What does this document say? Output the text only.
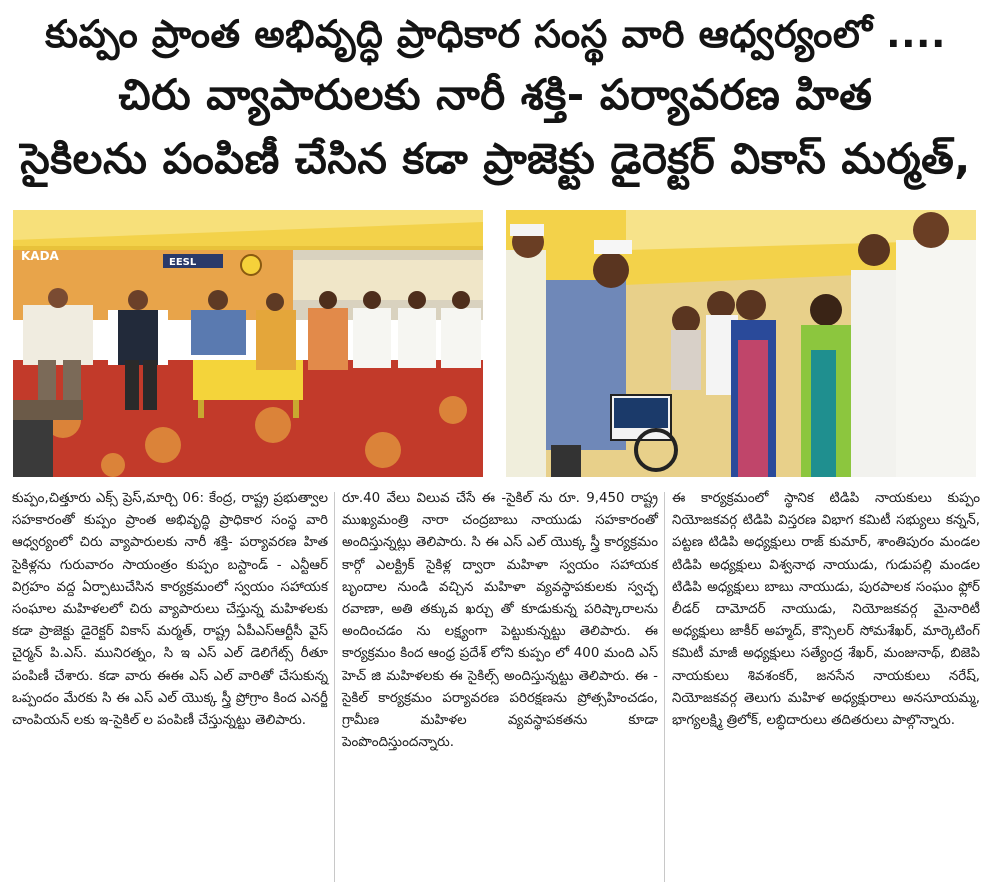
కుప్పం ప్రాంత అభివృద్ధి ప్రాధికార సంస్థ వారి ఆధ్వర్యంలో ....
చిరు వ్యాపారులకు నారీ శక్తి- పర్యావరణ హిత
సైకిలను పంపిణీ చేసిన కడా ప్రాజెక్టు డైరెక్టర్ వికాస్ మర్మత్,
KADA	EESL
కుప్పం,చిత్తూరు ఎక్స్ ప్రెస్,మార్చి 06: కేంద్ర, రాష్ట్ర ప్రభుత్వాల సహకారంతో కుప్పం ప్రాంత అభివృద్ధి ప్రాధికార సంస్థ వారి ఆధ్వర్యంలో చిరు వ్యాపారులకు నారీ శక్తి- పర్యావరణ హిత సైకిళ్లను గురువారం సాయంత్రం కుప్పం బస్టాండ్ - ఎన్టీఆర్ విగ్రహం వద్ద ఏర్పాటుచేసిన కార్యక్రమంలో స్వయం సహాయక సంఘాల మహిళలలో చిరు వ్యాపారులు చేస్తున్న మహిళలకు కడా ప్రాజెక్టు డైరెక్టర్ వికాస్ మర్మత్, రాష్ట్ర ఏపీఎస్ఆర్టీసీ వైస్ చైర్మన్ పి.ఎస్. మునిరత్నం, సి ఇ ఎస్ ఎల్ డెలిగేట్స్ రీతూ పంపిణీ చేశారు. కడా వారు ఈఈ ఎస్ ఎల్ వారితో చేసుకున్న ఒప్పందం మేరకు సి ఈ ఎస్ ఎల్ యొక్క స్త్రీ ప్రోగ్రాం కింద ఎనర్జీ చాంపియన్ లకు ఇ-సైకిల్ ల పంపిణీ చేస్తున్నట్టు తెలిపారు.
రూ.40 వేలు విలువ చేసే ఈ -సైకిల్ ను రూ. 9,450 రాష్ట్ర ముఖ్యమంత్రి నారా చంద్రబాబు నాయుడు సహకారంతో అందిస్తున్నట్లు తెలిపారు. సి ఈ ఎస్ ఎల్ యొక్క స్త్రీ కార్యక్రమం కార్గో ఎలక్ట్రిక్ సైకిళ్ల ద్వారా మహిళా స్వయం సహాయక బృందాల నుండి వచ్చిన మహిళా వ్యవస్థాపకులకు స్వచ్ఛ రవాణా, అతి తక్కువ ఖర్చు తో కూడుకున్న పరిష్కారాలను అందించడం ను లక్ష్యంగా పెట్టుకున్నట్టు తెలిపారు. ఈ కార్యక్రమం కింద ఆంధ్ర ప్రదేశ్ లోని కుప్పం లో 400 మంది ఎస్ హెచ్ జి మహిళలకు ఈ సైకిల్స్ అందిస్తున్నట్టు తెలిపారు. ఈ - సైకిల్ కార్యక్రమం పర్యావరణ పరిరక్షణను ప్రోత్సహించడం, గ్రామీణ మహిళల వ్యవస్థాపకతను కూడా పెంపొందిస్తుందన్నారు.
ఈ కార్యక్రమంలో స్థానిక టిడిపి నాయకులు కుప్పం నియోజకవర్గ టిడిపి విస్తరణ విభాగ కమిటీ సభ్యులు కన్నన్, పట్టణ టిడిపి అధ్యక్షులు రాజ్ కుమార్, శాంతిపురం మండల టిడిపి అధ్యక్షులు విశ్వనాథ నాయుడు, గుడుపల్లి మండల టిడిపి అధ్యక్షులు బాబు నాయుడు, పురపాలక సంఘం ఫ్లోర్ లీడర్ దామోదర్ నాయుడు, నియోజకవర్గ మైనారిటీ అధ్యక్షులు జాకీర్ అహ్మద్, కౌన్సిలర్ సోమశేఖర్, మార్కెటింగ్ కమిటీ మాజీ అధ్యక్షులు సత్యేంద్ర శేఖర్, మంజునాథ్, బిజెపి నాయకులు శివశంకర్, జనసేన నాయకులు నరేష్, నియోజకవర్గ తెలుగు మహిళ అధ్యక్షురాలు అనసూయమ్మ, భాగ్యలక్ష్మి త్రిలోక్, లబ్ధిదారులు తదితరులు పాల్గొన్నారు.
